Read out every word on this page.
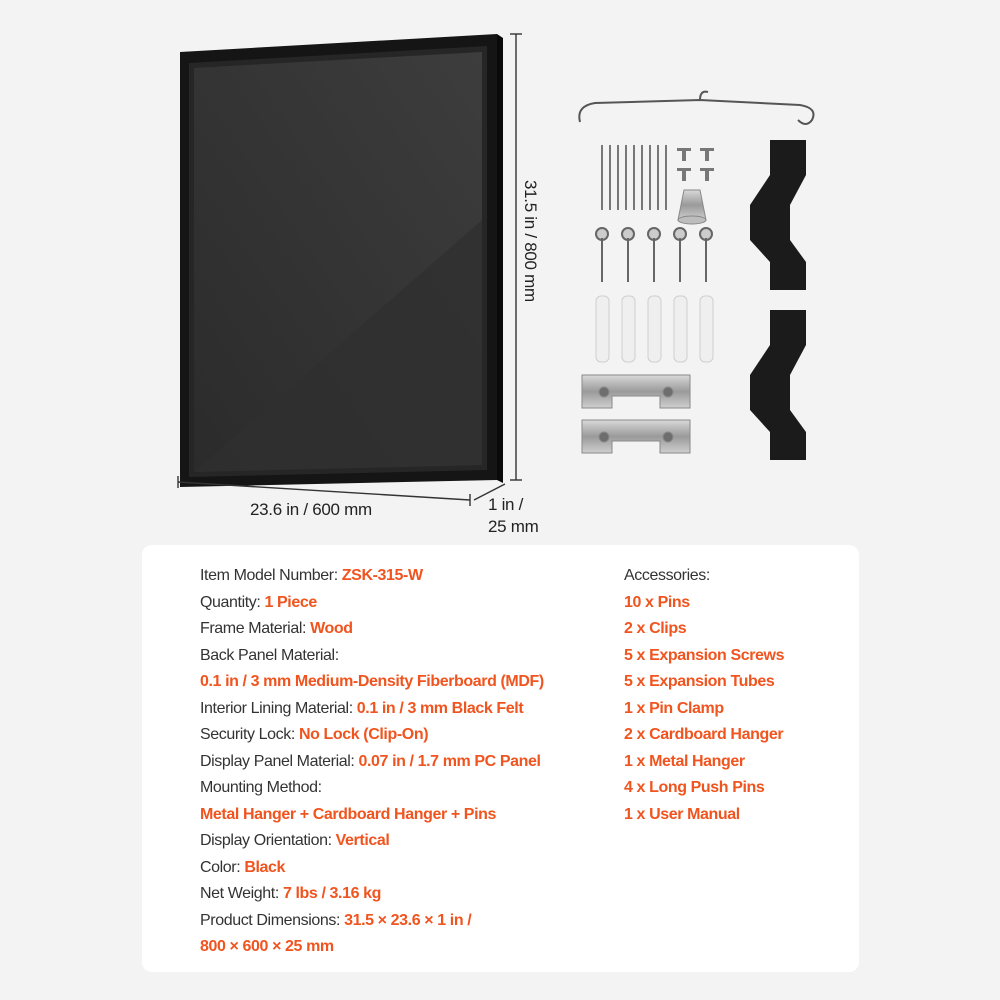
23.6 in / 600 mm
31.5 in / 800 mm
1 in /
25 mm
Item Model Number: ZSK-315-W
Quantity: 1 Piece
Frame Material: Wood
Back Panel Material:
0.1 in / 3 mm Medium-Density Fiberboard (MDF)
Interior Lining Material: 0.1 in / 3 mm Black Felt
Security Lock: No Lock (Clip-On)
Display Panel Material: 0.07 in / 1.7 mm PC Panel
Mounting Method:
Metal Hanger + Cardboard Hanger + Pins
Display Orientation: Vertical
Color: Black
Net Weight: 7 lbs / 3.16 kg
Product Dimensions: 31.5 × 23.6 × 1 in /
800 × 600 × 25 mm
Accessories:
10 x Pins
2 x Clips
5 x Expansion Screws
5 x Expansion Tubes
1 x Pin Clamp
2 x Cardboard Hanger
1 x Metal Hanger
4 x Long Push Pins
1 x User Manual
